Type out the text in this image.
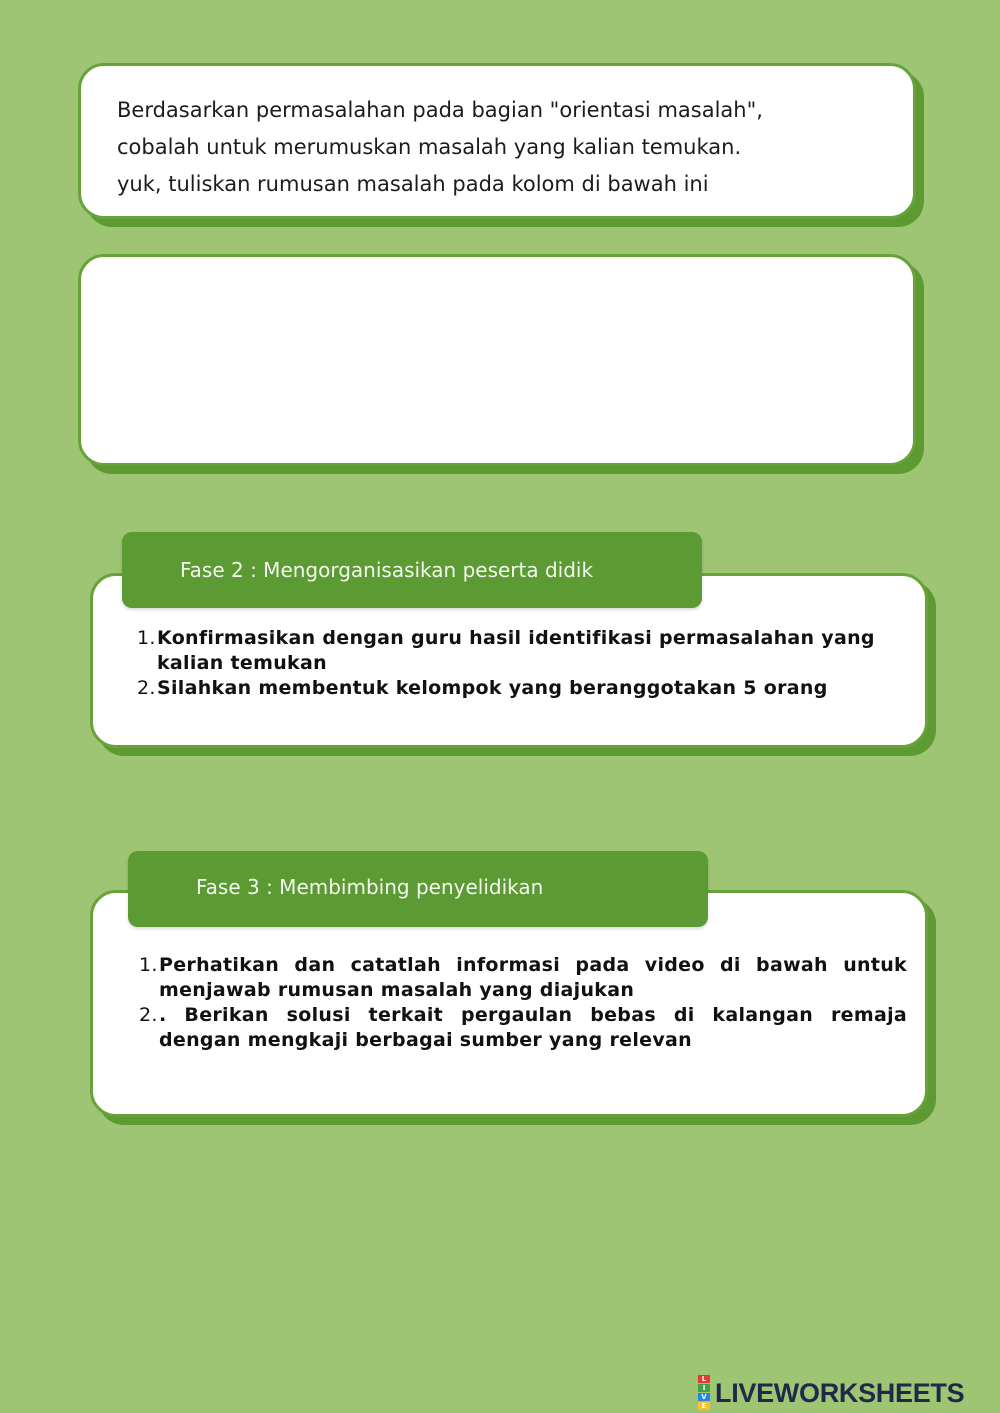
Berdasarkan permasalahan pada bagian "orientasi masalah",
cobalah untuk merumuskan masalah yang kalian temukan.
yuk, tuliskan rumusan masalah pada kolom di bawah ini

1. Konfirmasikan dengan guru hasil identifikasi permasalahan yang kalian temukan
2. Silahkan membentuk kelompok yang beranggotakan 5 orang
Fase 2 : Mengorganisasikan peserta didik
1. Perhatikan dan catatlah informasi pada video di bawah untuk menjawab rumusan masalah yang diajukan
2. . Berikan solusi terkait pergaulan bebas di kalangan remaja dengan mengkaji berbagai sumber yang relevan
Fase 3 : Membimbing penyelidikan
L
I
V
E LIVEWORKSHEETS
